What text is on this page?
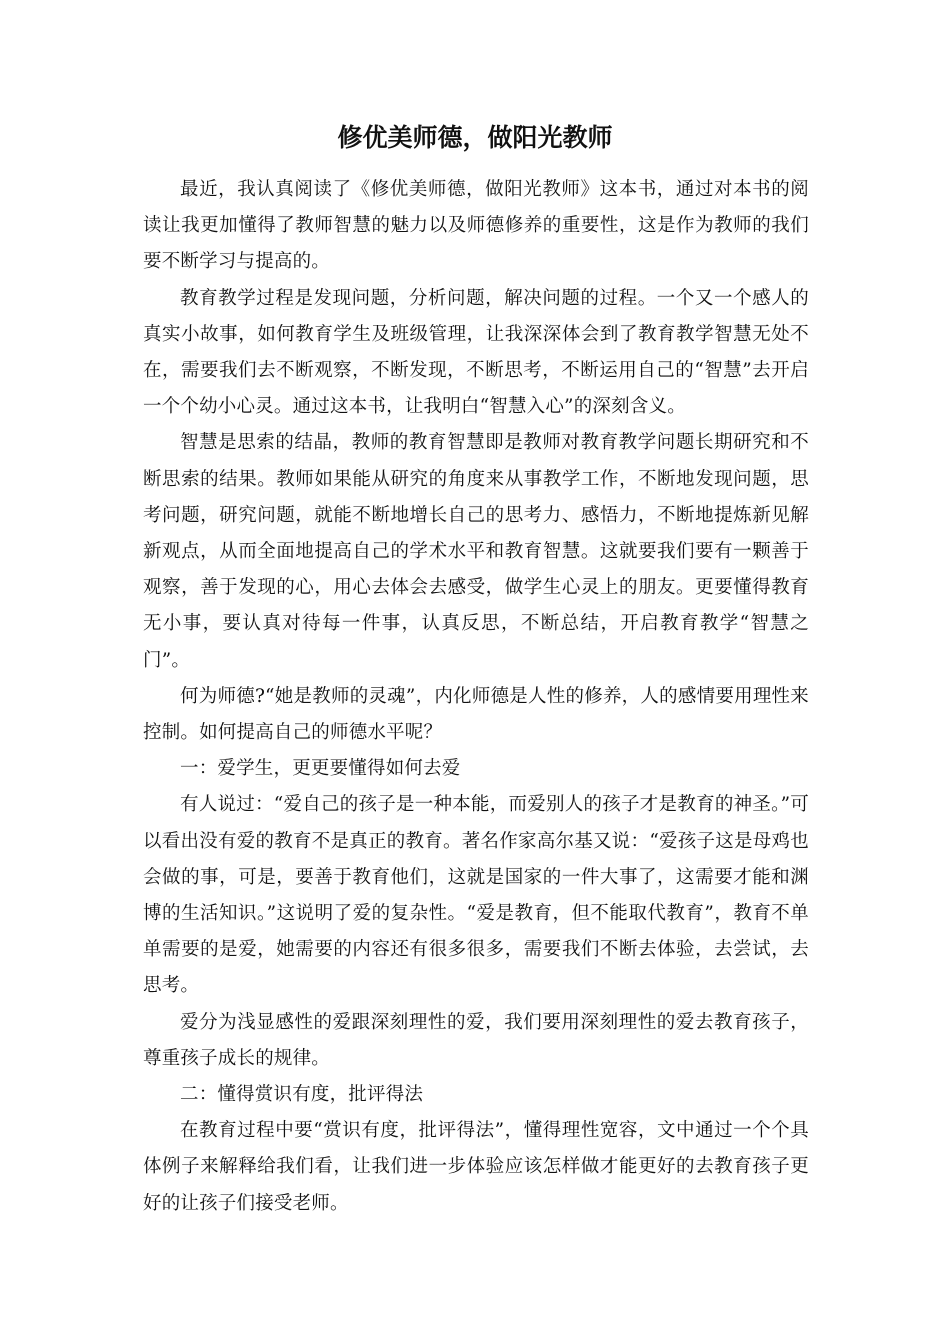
修优美师德，做阳光教师

最近，我认真阅读了《修优美师德，做阳光教师》这本书，通过对本书的阅读让我更加懂得了教师智慧的魅力以及师德修养的重要性，这是作为教师的我们要不断学习与提高的。

教育教学过程是发现问题，分析问题，解决问题的过程。一个又一个感人的真实小故事，如何教育学生及班级管理，让我深深体会到了教育教学智慧无处不在，需要我们去不断观察，不断发现，不断思考，不断运用自己的“智慧”去开启一个个幼小心灵。通过这本书，让我明白“智慧入心”的深刻含义。

智慧是思索的结晶，教师的教育智慧即是教师对教育教学问题长期研究和不断思索的结果。教师如果能从研究的角度来从事教学工作，不断地发现问题，思考问题，研究问题，就能不断地增长自己的思考力、感悟力，不断地提炼新见解新观点，从而全面地提高自己的学术水平和教育智慧。这就要我们要有一颗善于观察，善于发现的心，用心去体会去感受，做学生心灵上的朋友。更要懂得教育无小事，要认真对待每一件事，认真反思，不断总结，开启教育教学“智慧之门”。

何为师德?“她是教师的灵魂”，内化师德是人性的修养，人的感情要用理性来控制。如何提高自己的师德水平呢？

一：爱学生，更更要懂得如何去爱

有人说过：“爱自己的孩子是一种本能，而爱别人的孩子才是教育的神圣。”可以看出没有爱的教育不是真正的教育。著名作家高尔基又说：“爱孩子这是母鸡也会做的事，可是，要善于教育他们，这就是国家的一件大事了，这需要才能和渊博的生活知识。”这说明了爱的复杂性。“爱是教育，但不能取代教育”，教育不单单需要的是爱，她需要的内容还有很多很多，需要我们不断去体验，去尝试，去思考。

爱分为浅显感性的爱跟深刻理性的爱，我们要用深刻理性的爱去教育孩子，尊重孩子成长的规律。

二：懂得赏识有度，批评得法

在教育过程中要“赏识有度，批评得法”，懂得理性宽容，文中通过一个个具体例子来解释给我们看，让我们进一步体验应该怎样做才能更好的去教育孩子更好的让孩子们接受老师。
